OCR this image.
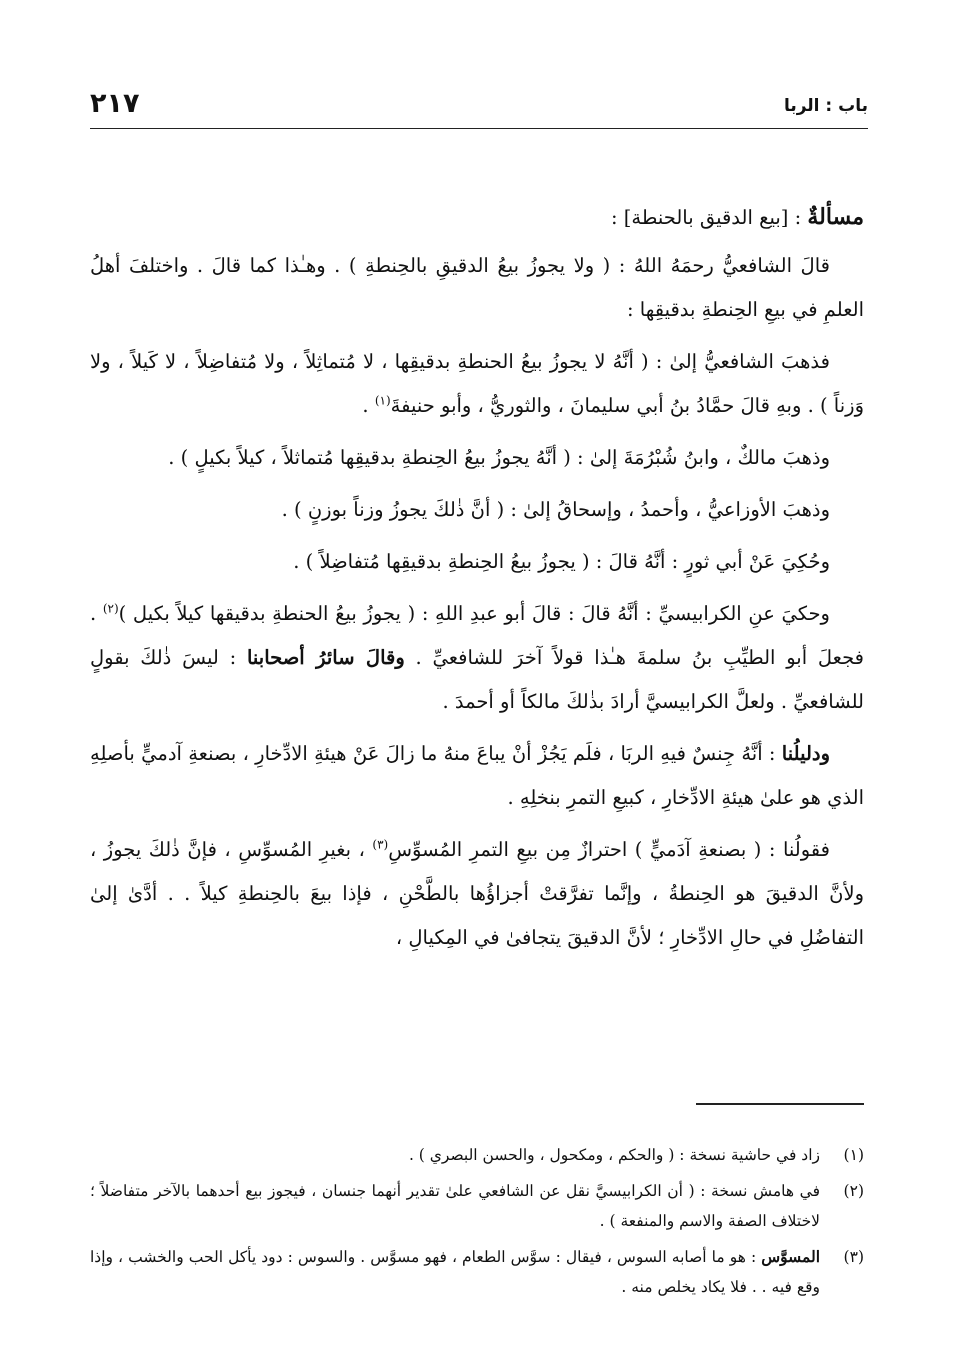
٢١٧	باب : الربا

مسألةٌ : [بيع الدقيق بالحنطة] :

قالَ الشافعيُّ رحمَهُ اللهُ : ( ولا يجوزُ بيعُ الدقيقِ بالحِنطةِ ) . وهـٰذا كما قالَ . واختلفَ أهلُ العلمِ في بيعِ الحِنطةِ بدقيقِها :

فذهبَ الشافعيُّ إلىٰ : ( أنَّهُ لا يجوزُ بيعُ الحنطةِ بدقيقِها ، لا مُتماثِلاً ، ولا مُتفاضِلاً ، لا كَيلاً ، ولا وَزناً ) . وبهِ قالَ حمَّادُ بنُ أبي سليمانَ ، والثوريُّ ، وأبو حنيفةَ$^{(١)}$ .

وذهبَ مالكٌ ، وابنُ شُبْرُمَةَ إلىٰ : ( أنَّهُ يجوزُ بيعُ الحِنطةِ بدقيقِها مُتماثلاً ، كيلاً بكيلٍ ) .

وذهبَ الأوزاعيُّ ، وأحمدُ ، وإسحاقُ إلىٰ : ( أنَّ ذٰلكَ يجوزُ وزناً بوزنٍ ) .

وحُكِيَ عَنْ أبي ثورٍ : أنَّهُ قالَ : ( يجوزُ بيعُ الحِنطةِ بدقيقِها مُتفاضِلاً ) .

وحكيَ عنِ الكرابيسيِّ : أنَّهُ قالَ : قالَ أبو عبدِ اللهِ : ( يجوزُ بيعُ الحنطةِ بدقيقها كيلاً بكيل )$^{(٢)}$ . فجعلَ أبو الطيِّبِ بنُ سلمةَ هـٰذا قولاً آخرَ للشافعيِّ . وقالَ سائرُ أصحابنا : ليسَ ذٰلكَ بقولٍ للشافعيِّ . ولعلَّ الكرابيسيَّ أرادَ بذٰلكَ مالكاً أو أحمدَ .

ودليلُنا : أنَّهُ جِنسٌ فيهِ الربَا ، فلَم يَجُزْ أنْ يباعَ منهُ ما زالَ عَنْ هيئةِ الادِّخارِ ، بصنعةِ آدميٍّ بأصلِهِ الذي هو علىٰ هيئةِ الادِّخارِ ، كبيعِ التمرِ بنخلِهِ .

فقولُنا : ( بصنعةِ آدَميٍّ ) احترازٌ مِن بيعِ التمرِ المُسوِّسِ$^{(٣)}$ ، بغيرِ المُسوِّسِ ، فإنَّ ذٰلكَ يجوزُ ، ولأنَّ الدقيقَ هو الحِنطةُ ، وإنَّما تفرَّقتْ أجزاؤُها بالطَّحْنِ ، فإذا بيعَ بالحِنطةِ كيلاً . . أدَّىٰ إلىٰ التفاضُلِ في حالِ الادِّخارِ ؛ لأنَّ الدقيقَ يتجافىٰ في المِكيالِ ،

(١)
زاد في حاشية نسخة : ( والحكم ، ومكحول ، والحسن البصري ) .
(٢)
في هامش نسخة : ( أن الكرابيسيَّ نقل عن الشافعي علىٰ تقدير أنهما جنسان ، فيجوز بيع أحدهما بالآخر متفاضلاً ؛ لاختلاف الصفة والاسم والمنفعة ) .
(٣)
المسوَّس : هو ما أصابه السوس ، فيقال : سوَّس الطعام ، فهو مسوَّس . والسوس : دود يأكل الحب والخشب ، وإذا وقع فيه . . فلا يكاد يخلص منه .
